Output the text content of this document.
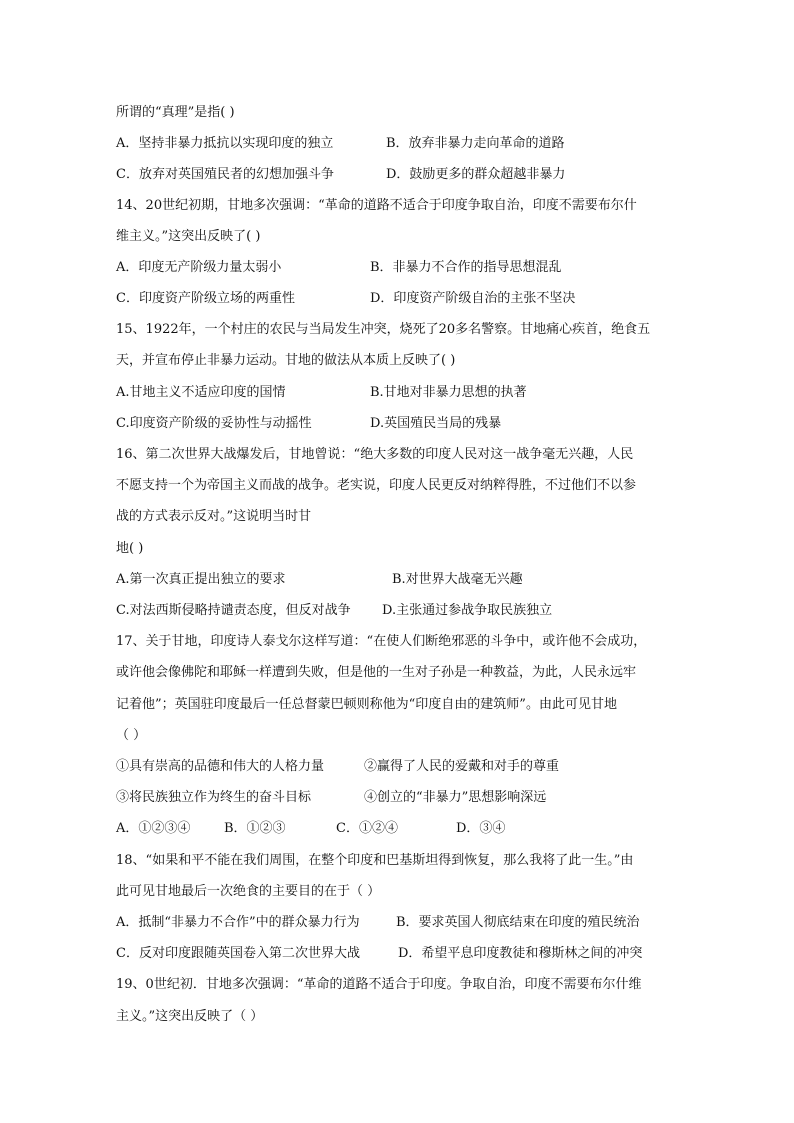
所谓的“真理”是指( )
A．坚持非暴力抵抗以实现印度的独立	B．放弃非暴力走向革命的道路
C．放弃对英国殖民者的幻想加强斗争	D．鼓励更多的群众超越非暴力
14、20世纪初期，甘地多次强调：“革命的道路不适合于印度争取自治，印度不需要布尔什
维主义。”这突出反映了( )
A．印度无产阶级力量太弱小	B．非暴力不合作的指导思想混乱
C．印度资产阶级立场的两重性	D．印度资产阶级自治的主张不坚决
15、1922年，一个村庄的农民与当局发生冲突，烧死了20多名警察。甘地痛心疾首，绝食五
天，并宣布停止非暴力运动。甘地的做法从本质上反映了( )
A.甘地主义不适应印度的国情	B.甘地对非暴力思想的执著
C.印度资产阶级的妥协性与动摇性	D.英国殖民当局的残暴
16、第二次世界大战爆发后，甘地曾说：“绝大多数的印度人民对这一战争毫无兴趣，人民
不愿支持一个为帝国主义而战的战争。老实说，印度人民更反对纳粹得胜，不过他们不以参
战的方式表示反对。”这说明当时甘
地( )
A.第一次真正提出独立的要求	B.对世界大战毫无兴趣
C.对法西斯侵略持谴责态度，但反对战争 D.主张通过参战争取民族独立
17、关于甘地，印度诗人泰戈尔这样写道：“在使人们断绝邪恶的斗争中，或许他不会成功，
或许他会像佛陀和耶稣一样遭到失败，但是他的一生对子孙是一种教益，为此，人民永远牢
记着他”；英国驻印度最后一任总督蒙巴顿则称他为“印度自由的建筑师”。由此可见甘地
（ ）
①具有崇高的品德和伟大的人格力量	②赢得了人民的爱戴和对手的尊重
③将民族独立作为终生的奋斗目标	④创立的“非暴力”思想影响深远
A．①②③④	B．①②③	C．①②④	D．③④
18、“如果和平不能在我们周围，在整个印度和巴基斯坦得到恢复，那么我将了此一生。”由
此可见甘地最后一次绝食的主要目的在于（ ）
A．抵制“非暴力不合作”中的群众暴力行为	B．要求英国人彻底结束在印度的殖民统治
C．反对印度跟随英国卷入第二次世界大战	D．希望平息印度教徒和穆斯林之间的冲突
19、0世纪初．甘地多次强调：“革命的道路不适合于印度。争取自治，印度不需要布尔什维
主义。”这突出反映了（ ）
